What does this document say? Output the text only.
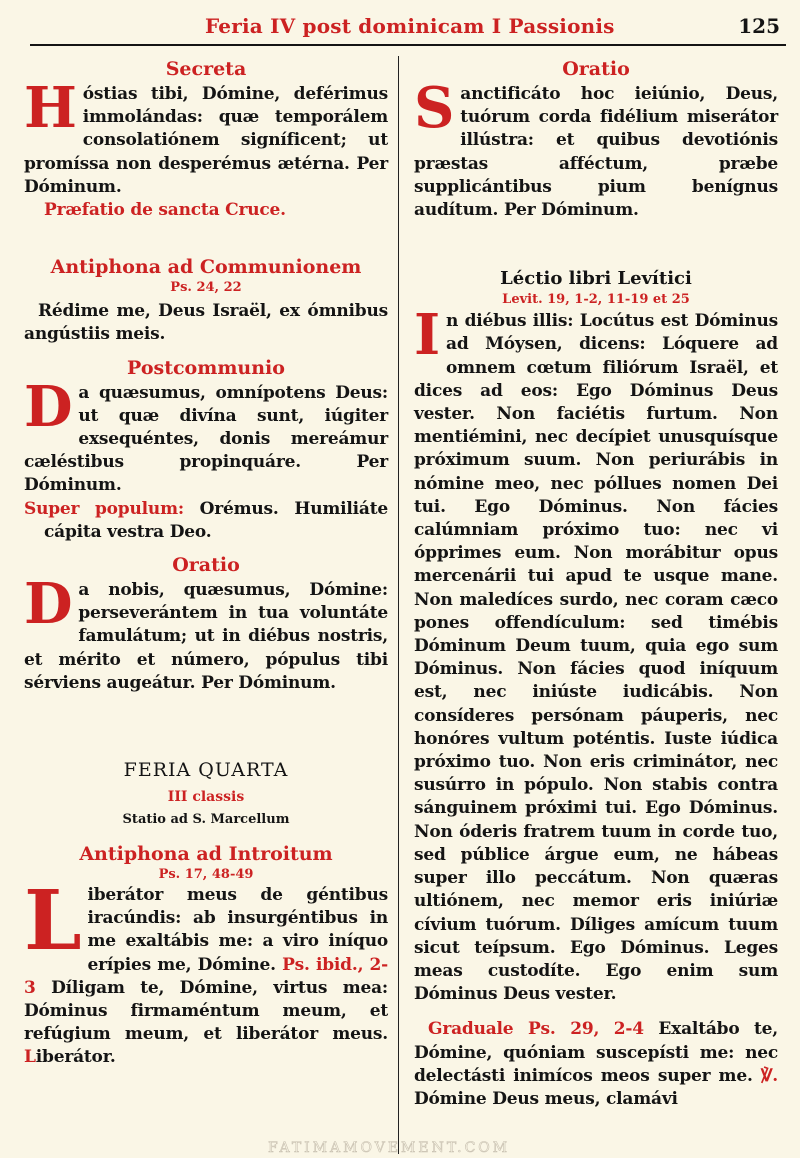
Feria IV post dominicam I Passionis	125
Secreta

Hóstias tibi, Dómine, deférimus immolándas: quæ temporálem consolatiónem signíficent; ut promíssa non desperémus ætérna. Per Dóminum.

Præfatio de sancta Cruce.
Antiphona ad Communionem
Ps. 24, 22

Rédime me, Deus Israël, ex ómnibus angústiis meis.

Postcommunio

Da quæsumus, omnípotens Deus: ut quæ divína sunt, iúgiter exsequéntes, donis mereámur cæléstibus propinquáre. Per Dóminum.

Super populum: Orémus. Humiliáte cápita vestra Deo.

Oratio

Da nobis, quæsumus, Dómine: perseverántem in tua voluntáte famulátum; ut in diébus nostris, et mérito et número, pópulus tibi sérviens augeátur. Per Dóminum.

FERIA QUARTA
III classis
Statio ad S. Marcellum
Antiphona ad Introitum
Ps. 17, 48-49

Liberátor meus de géntibus iracúndis: ab insurgéntibus in me exaltábis me: a viro iníquo erípies me, Dómine. Ps. ibid., 2-3 Díligam te, Dómine, virtus mea: Dóminus firmaméntum meum, et refúgium meum, et liberátor meus. Liberátor.

Oratio

Sanctificáto hoc ieiúnio, Deus, tuórum corda fidélium miserátor illústra: et quibus devotiónis præstas afféctum, præbe supplicántibus pium benígnus audítum. Per Dóminum.

Léctio libri Levítici
Levit. 19, 1-2, 11-19 et 25

In diébus illis: Locútus est Dóminus ad Móysen, dicens: Lóquere ad omnem cœtum filiórum Israël, et dices ad eos: Ego Dóminus Deus vester. Non faciétis furtum. Non mentiémini, nec decípiet unusquísque próximum suum. Non periurábis in nómine meo, nec póllues nomen Dei tui. Ego Dóminus. Non fácies calúmniam próximo tuo: nec vi ópprimes eum. Non morábitur opus mercenárii tui apud te usque mane. Non maledíces surdo, nec coram cæco pones offendículum: sed timébis Dóminum Deum tuum, quia ego sum Dóminus. Non fácies quod iníquum est, nec iniúste iudicábis. Non consíderes persónam páuperis, nec honóres vultum poténtis. Iuste iúdica próximo tuo. Non eris criminátor, nec susúrro in pópulo. Non stabis contra sánguinem próximi tui. Ego Dóminus. Non óderis fratrem tuum in corde tuo, sed públice árgue eum, ne hábeas super illo peccátum. Non quæras ultiónem, nec memor eris iniúriæ cívium tuórum. Díliges amícum tuum sicut teípsum. Ego Dóminus. Leges meas custodíte. Ego enim sum Dóminus Deus vester.

Graduale Ps. 29, 2-4 Exaltábo te, Dómine, quóniam suscepísti me: nec delectásti inimícos meos super me. ℣. Dómine Deus meus, clamávi

FATIMAMOVEMENT.COM
